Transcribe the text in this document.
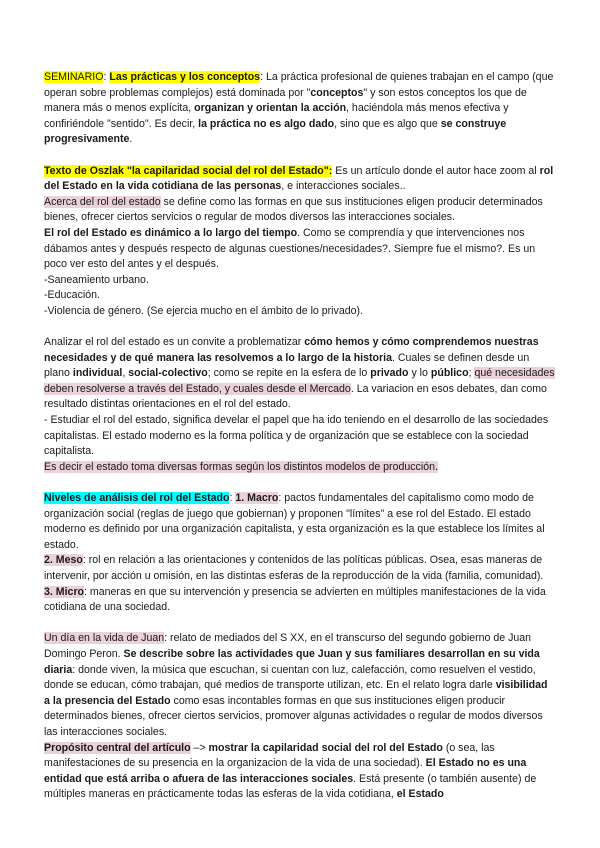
SEMINARIO: Las prácticas y los conceptos: La práctica profesional de quienes trabajan en el campo (que operan sobre problemas complejos) está dominada por "conceptos" y son estos conceptos los que de manera más o menos explícita, organizan y orientan la acción, haciéndola más menos efectiva y confiriéndole "sentido". Es decir, la práctica no es algo dado, sino que es algo que se construye progresivamente.

Texto de Oszlak "la capilaridad social del rol del Estado": Es un artículo donde el autor hace zoom al rol del Estado en la vida cotidiana de las personas, e interacciones sociales..

Acerca del rol del estado se define como las formas en que sus instituciones eligen producir determinados bienes, ofrecer ciertos servicios o regular de modos diversos las interacciones sociales.

El rol del Estado es dinámico a lo largo del tiempo. Como se comprendía y que intervenciones nos dábamos antes y después respecto de algunas cuestiones/necesidades?. Siempre fue el mismo?. Es un poco ver esto del antes y el después.

-Saneamiento urbano.

-Educación.

-Violencia de género. (Se ejercia mucho en el ámbito de lo privado).

Analizar el rol del estado es un convite a problematizar cómo hemos y cómo comprendemos nuestras necesidades y de qué manera las resolvemos a lo largo de la historia. Cuales se definen desde un plano individual, social-colectivo; como se repite en la esfera de lo privado y lo público; qué necesidades deben resolverse a través del Estado, y cuales desde el Mercado. La variacion en esos debates, dan como resultado distintas orientaciones en el rol del estado.

- Estudiar el rol del estado, significa develar el papel que ha ido teniendo en el desarrollo de las sociedades capitalistas. El estado moderno es la forma política y de organización que se establece con la sociedad capitalista.

Es decir el estado toma diversas formas según los distintos modelos de producción.

Niveles de análisis del rol del Estado: 1. Macro: pactos fundamentales del capitalismo como modo de organización social (reglas de juego que gobiernan) y proponen "límites" a ese rol del Estado. El estado moderno es definido por una organización capitalista, y esta organización es la que establece los límites al estado.

2. Meso: rol en relación a las orientaciones y contenidos de las políticas públicas. Osea, esas maneras de intervenir, por acción u omisión, en las distintas esferas de la reproducción de la vida (familia, comunidad).

3. Micro: maneras en que su intervención y presencia se advierten en múltiples manifestaciones de la vida cotidiana de una sociedad.

Un día en la vida de Juan: relato de mediados del S XX, en el transcurso del segundo gobierno de Juan Domingo Peron. Se describe sobre las actividades que Juan y sus familiares desarrollan en su vida diaria: donde viven, la música que escuchan, si cuentan con luz, calefacción, como resuelven el vestido, donde se educan, cómo trabajan, qué medios de transporte utilizan, etc. En el relato logra darle visibilidad a la presencia del Estado como esas incontables formas en que sus instituciones eligen producir determinados bienes, ofrecer ciertos servicios, promover algunas actividades o regular de modos diversos las interacciones sociales.

Propósito central del artículo –> mostrar la capilaridad social del rol del Estado (o sea, las manifestaciones de su presencia en la organizacion de la vida de una sociedad). El Estado no es una entidad que está arriba o afuera de las interacciones sociales. Está presente (o también ausente) de múltiples maneras en prácticamente todas las esferas de la vida cotidiana, el Estado
